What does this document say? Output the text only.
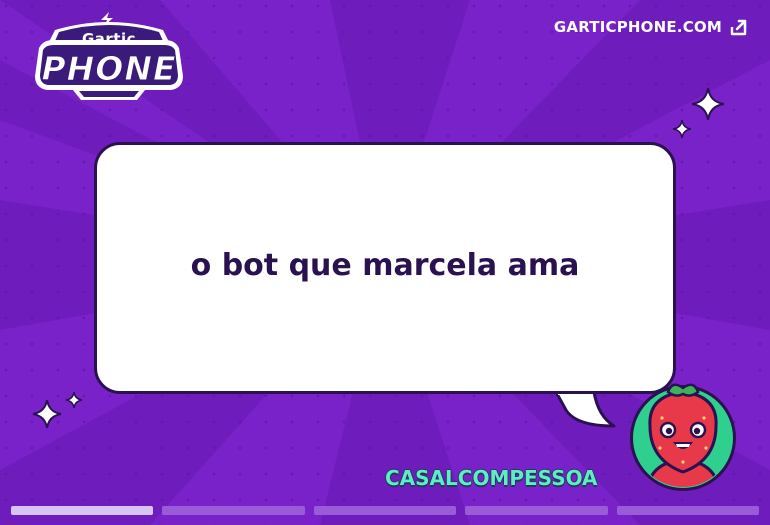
Gartic
PHONE
GARTICPHONE.COM
o bot que marcela ama
CASALCOMPESSOA
